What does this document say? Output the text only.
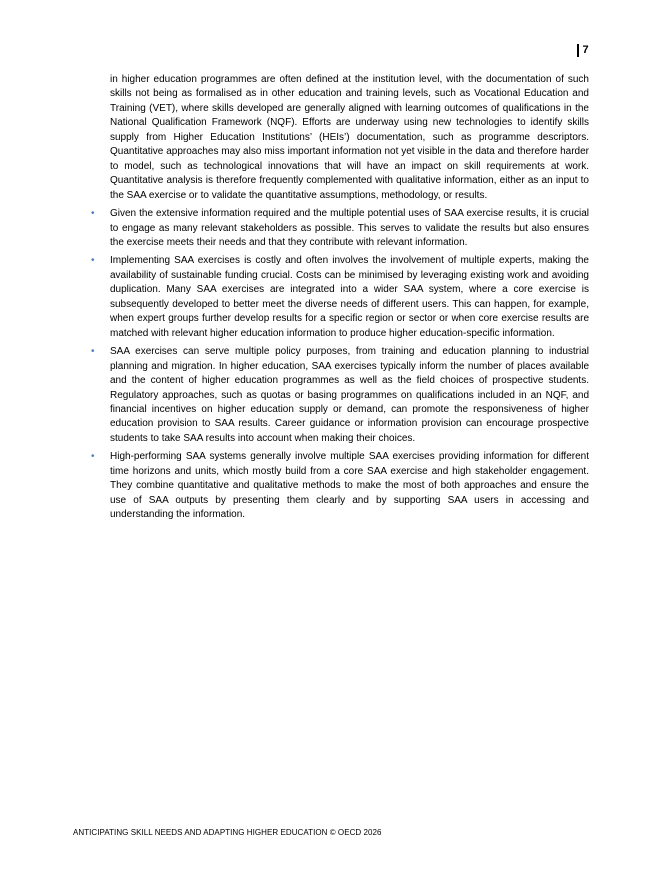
7

in higher education programmes are often defined at the institution level, with the documentation of such skills not being as formalised as in other education and training levels, such as Vocational Education and Training (VET), where skills developed are generally aligned with learning outcomes of qualifications in the National Qualification Framework (NQF). Efforts are underway using new technologies to identify skills supply from Higher Education Institutions’ (HEIs’) documentation, such as programme descriptors. Quantitative approaches may also miss important information not yet visible in the data and therefore harder to model, such as technological innovations that will have an impact on skill requirements at work. Quantitative analysis is therefore frequently complemented with qualitative information, either as an input to the SAA exercise or to validate the quantitative assumptions, methodology, or results.

• Given the extensive information required and the multiple potential uses of SAA exercise results, it is crucial to engage as many relevant stakeholders as possible. This serves to validate the results but also ensures the exercise meets their needs and that they contribute with relevant information.
• Implementing SAA exercises is costly and often involves the involvement of multiple experts, making the availability of sustainable funding crucial. Costs can be minimised by leveraging existing work and avoiding duplication. Many SAA exercises are integrated into a wider SAA system, where a core exercise is subsequently developed to better meet the diverse needs of different users. This can happen, for example, when expert groups further develop results for a specific region or sector or when core exercise results are matched with relevant higher education information to produce higher education-specific information.
• SAA exercises can serve multiple policy purposes, from training and education planning to industrial planning and migration. In higher education, SAA exercises typically inform the number of places available and the content of higher education programmes as well as the field choices of prospective students. Regulatory approaches, such as quotas or basing programmes on qualifications included in an NQF, and financial incentives on higher education supply or demand, can promote the responsiveness of higher education provision to SAA results. Career guidance or information provision can encourage prospective students to take SAA results into account when making their choices.
• High-performing SAA systems generally involve multiple SAA exercises providing information for different time horizons and units, which mostly build from a core SAA exercise and high stakeholder engagement. They combine quantitative and qualitative methods to make the most of both approaches and ensure the use of SAA outputs by presenting them clearly and by supporting SAA users in accessing and understanding the information.
ANTICIPATING SKILL NEEDS AND ADAPTING HIGHER EDUCATION © OECD 2026
